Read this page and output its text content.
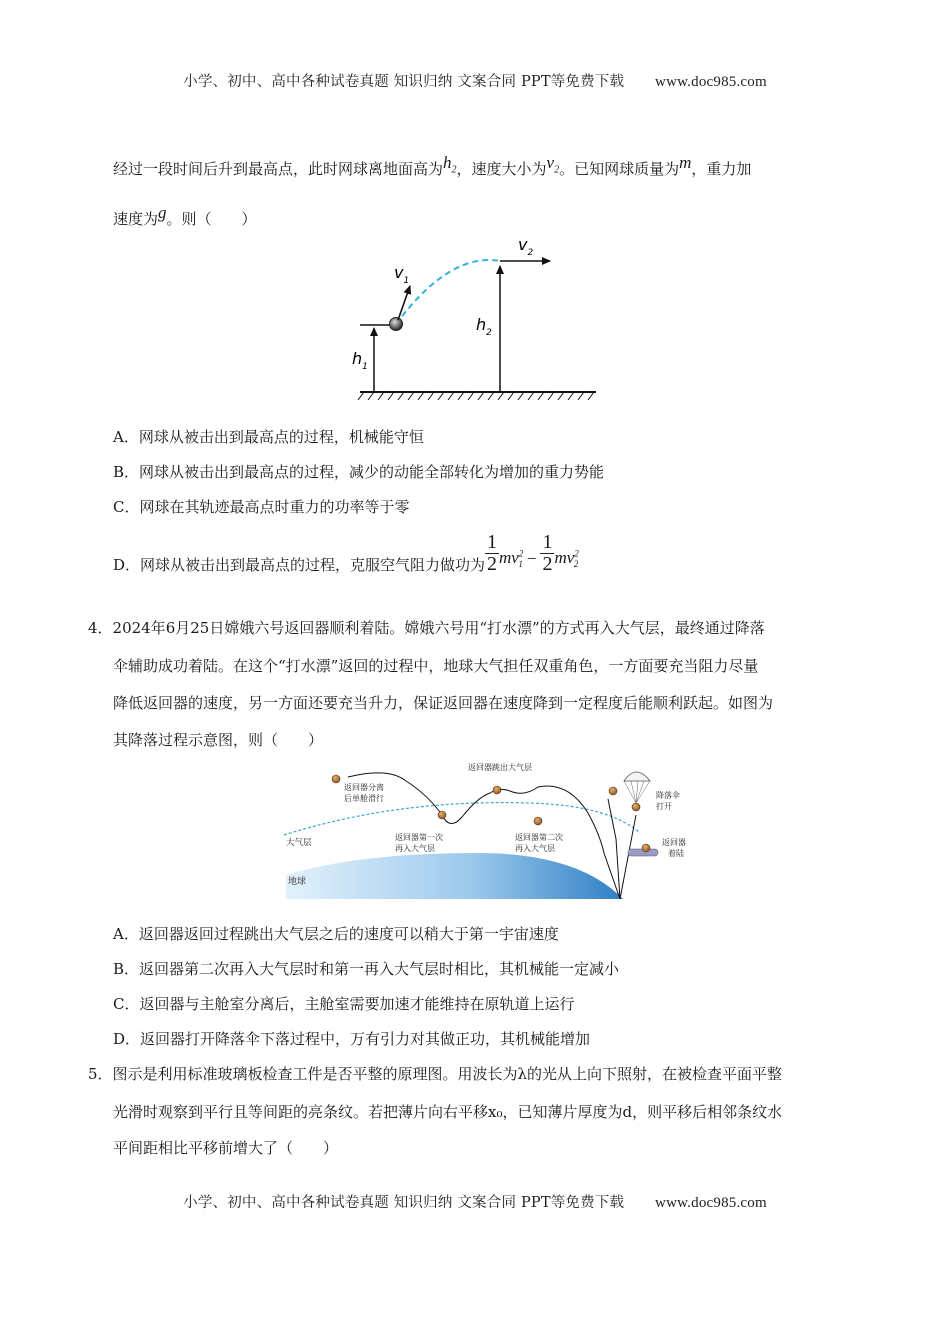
小学、初中、高中各种试卷真题 知识归纳 文案合同 PPT等免费下载 www.doc985.com
经过一段时间后升到最高点，此时网球离地面高为$h_2$，速度大小为$v_2$。已知网球质量为m，重力加
速度为g。则（　　）
$h_1$
$v_1$
$h_2$
$v_2$
A．网球从被击出到最高点的过程，机械能守恒
B．网球从被击出到最高点的过程，减少的动能全部转化为增加的重力势能
C．网球在其轨迹最高点时重力的功率等于零
D．网球从被击出到最高点的过程，克服空气阻力做功为 $\frac{1}{2} mv^2_1 - \frac{1}{2} mv^2_2$
4．2024年6月25日嫦娥六号返回器顺利着陆。嫦娥六号用“打水漂”的方式再入大气层，最终通过降落
伞辅助成功着陆。在这个“打水漂”返回的过程中，地球大气担任双重角色，一方面要充当阻力尽量
降低返回器的速度，另一方面还要充当升力，保证返回器在速度降到一定程度后能顺利跃起。如图为
其降落过程示意图，则（　　）
地球
大气层
返回器分离
后单舱滑行
返回器跳出大气层
返回器第一次
再入大气层
返回器第二次
再入大气层
降落伞
打开
返回器
着陆
A．返回器返回过程跳出大气层之后的速度可以稍大于第一宇宙速度
B．返回器第二次再入大气层时和第一再入大气层时相比，其机械能一定减小
C．返回器与主舱室分离后，主舱室需要加速才能维持在原轨道上运行
D．返回器打开降落伞下落过程中，万有引力对其做正功，其机械能增加
5．图示是利用标准玻璃板检查工件是否平整的原理图。用波长为λ的光从上向下照射，在被检查平面平整
光滑时观察到平行且等间距的亮条纹。若把薄片向右平移x₀，已知薄片厚度为d，则平移后相邻条纹水
平间距相比平移前增大了（　　）
小学、初中、高中各种试卷真题 知识归纳 文案合同 PPT等免费下载 www.doc985.com
